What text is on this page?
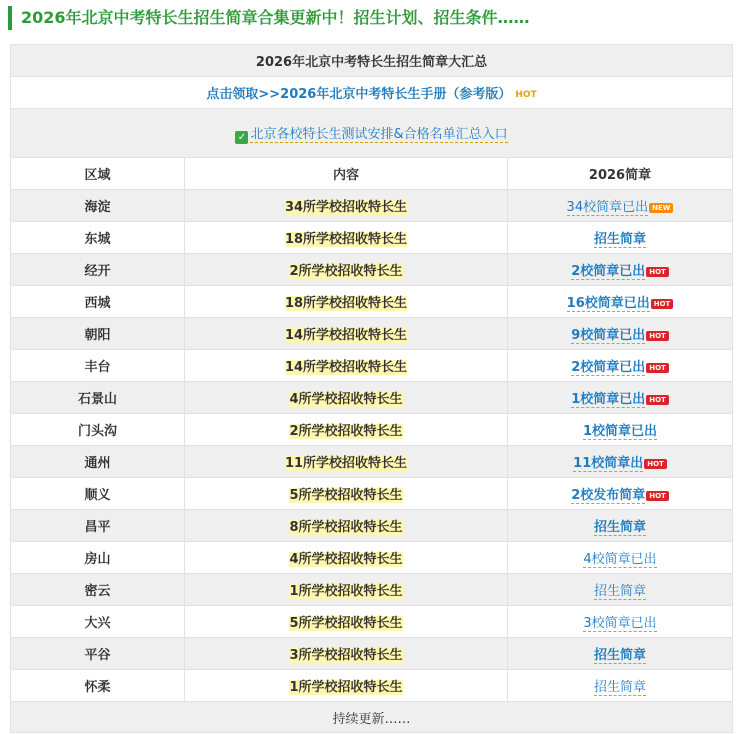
2026年北京中考特长生招生简章合集更新中！招生计划、招生条件……
2026年北京中考特长生招生简章大汇总		
点击领取>>2026年北京中考特长生手册（参考版） HOT		
✓ 北京各校特长生测试安排&合格名单汇总入口		
区域	内容	2026简章
海淀	34所学校招收特长生	34校简章已出 NEW
东城	18所学校招收特长生	招生简章
经开	2所学校招收特长生	2校简章已出 HOT
西城	18所学校招收特长生	16校简章已出 HOT
朝阳	14所学校招收特长生	9校简章已出 HOT
丰台	14所学校招收特长生	2校简章已出 HOT
石景山	4所学校招收特长生	1校简章已出 HOT
门头沟	2所学校招收特长生	1校简章已出
通州	11所学校招收特长生	11校简章出 HOT
顺义	5所学校招收特长生	2校发布简章 HOT
昌平	8所学校招收特长生	招生简章
房山	4所学校招收特长生	4校简章已出
密云	1所学校招收特长生	招生简章
大兴	5所学校招收特长生	3校简章已出
平谷	3所学校招收特长生	招生简章
怀柔	1所学校招收特长生	招生简章
持续更新……		
